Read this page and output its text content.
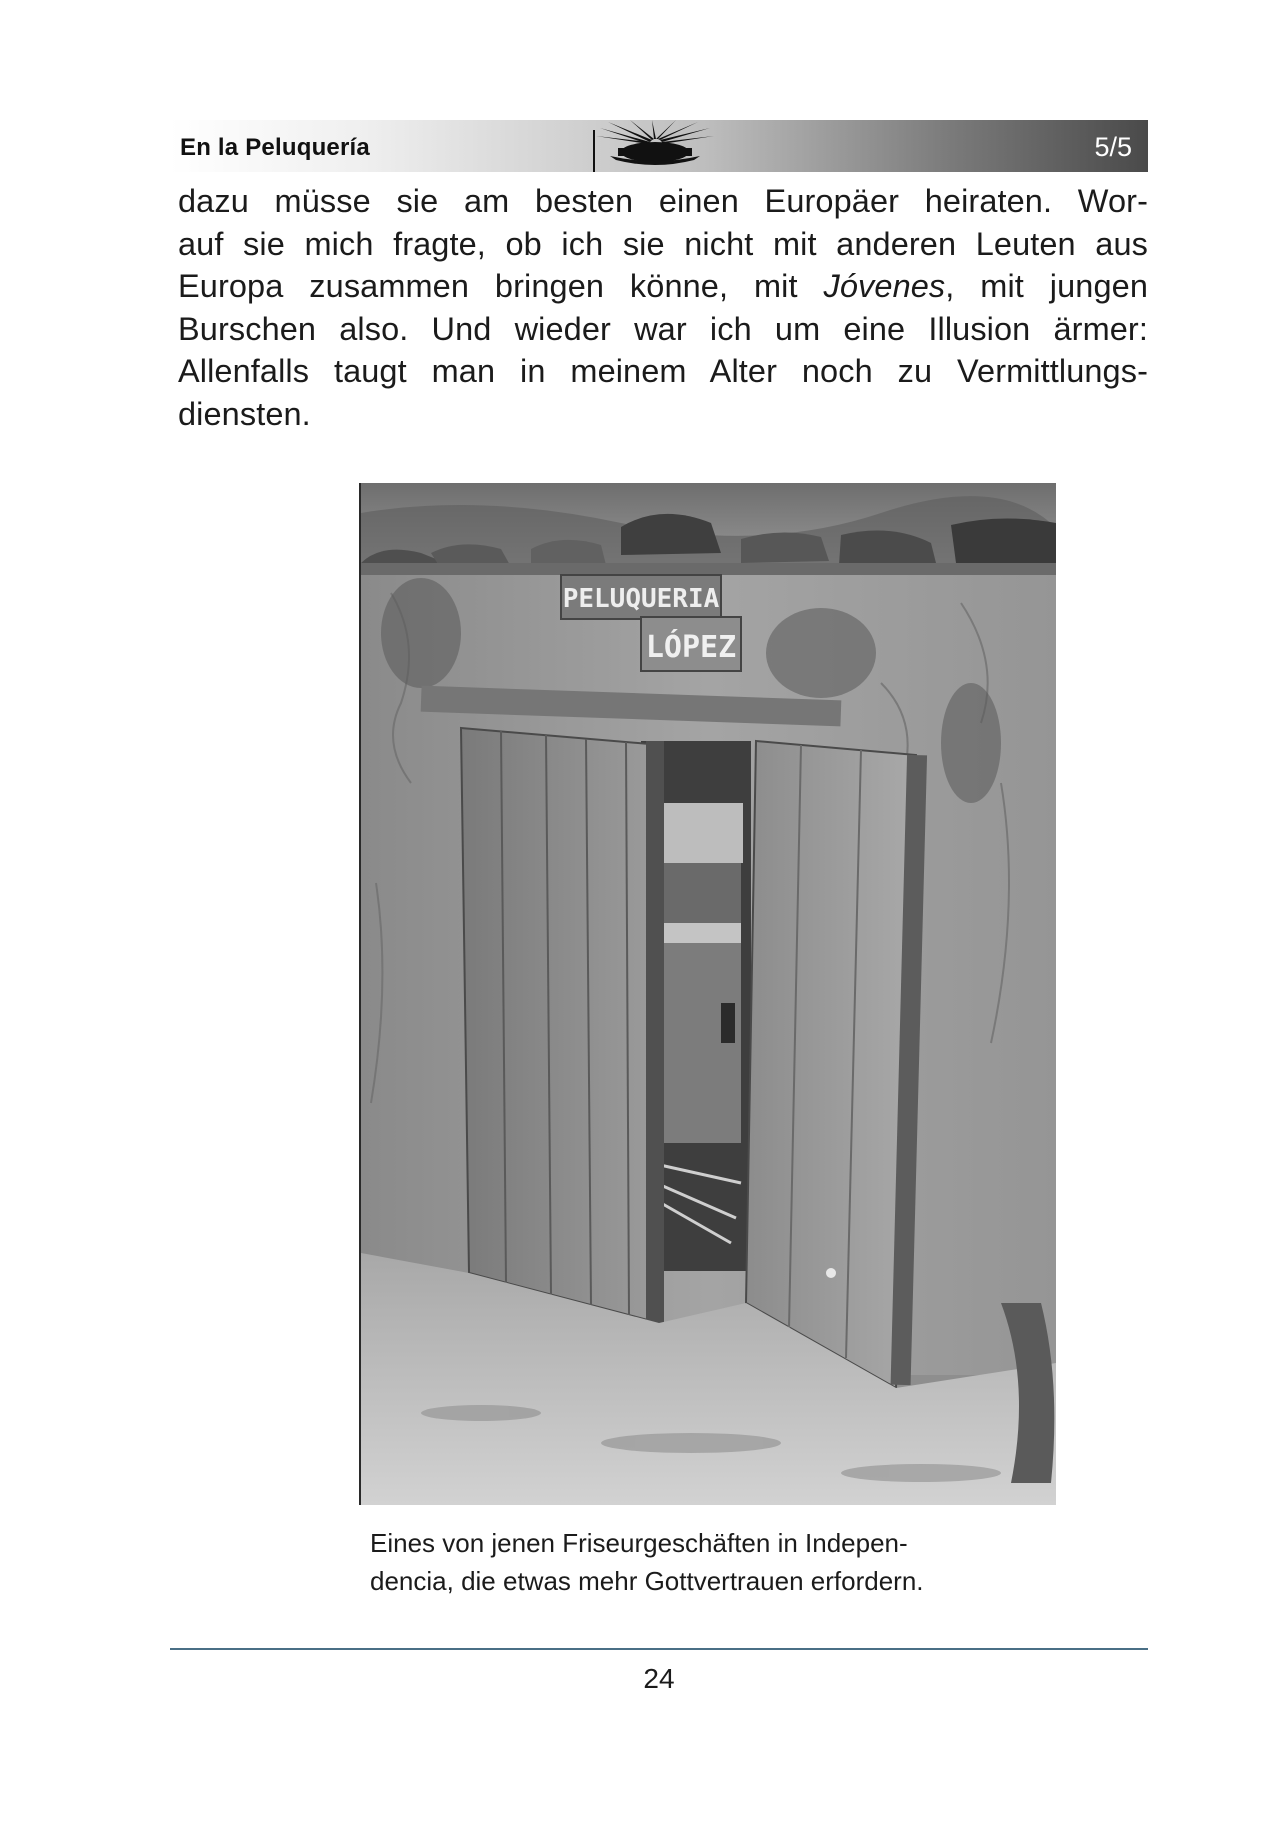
En la Peluquería	5/5
dazu müsse sie am besten einen Europäer heiraten. Wor-
auf sie mich fragte, ob ich sie nicht mit anderen Leuten aus
Europa zusammen bringen könne, mit Jóvenes, mit jungen
Burschen also. Und wieder war ich um eine Illusion ärmer:
Allenfalls taugt man in meinem Alter noch zu Vermittlungs-
diensten.
PELUQUERIA
LÓPEZ
Eines von jenen Friseurgeschäften in Indepen-
dencia, die etwas mehr Gottvertrauen erfordern.
24
